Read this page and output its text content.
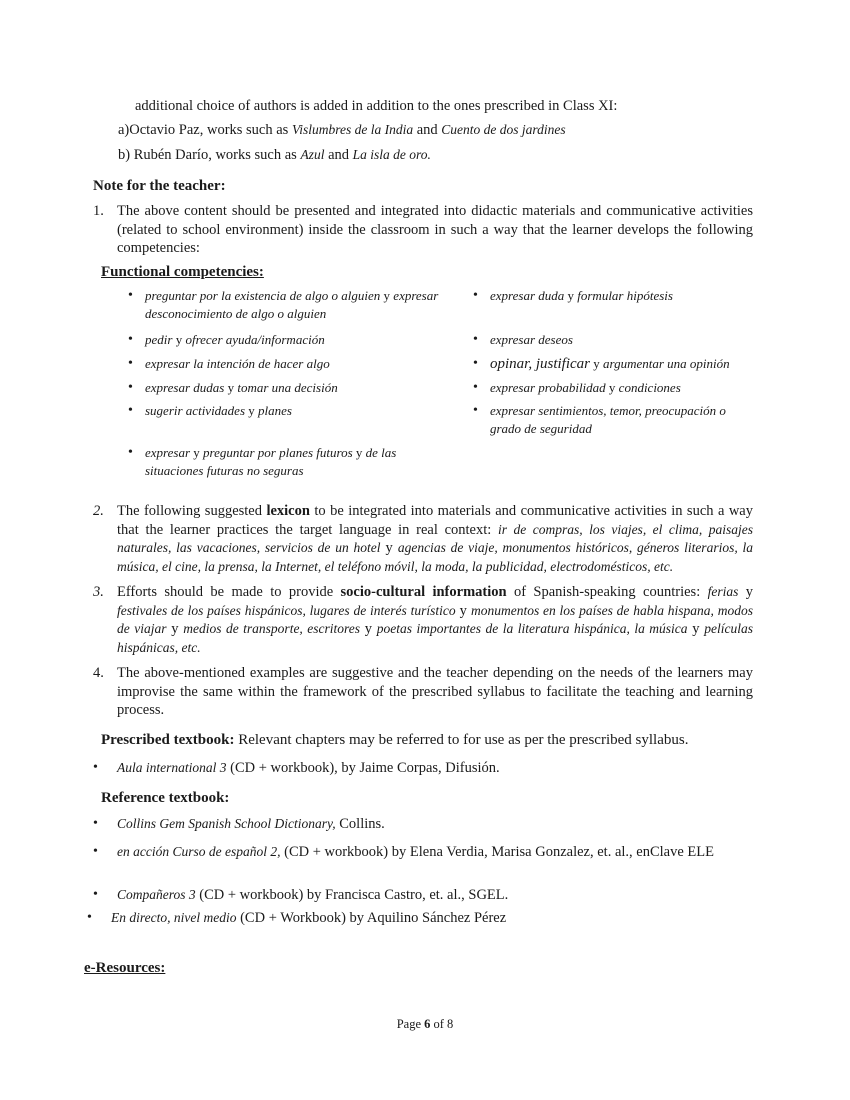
additional choice of authors is added in addition to the ones prescribed in Class XI:
a)Octavio Paz, works such as Vislumbres de la India and Cuento de dos jardines
b) Rubén Darío, works such as Azul and La isla de oro.
Note for the teacher:
1. The above content should be presented and integrated into didactic materials and communicative activities (related to school environment) inside the classroom in such a way that the learner develops the following competencies:
Functional competencies:
• preguntar por la existencia de algo o alguien y expresar desconocimiento de algo o alguien
• pedir y ofrecer ayuda/información
• expresar la intención de hacer algo
• expresar dudas y tomar una decisión
• sugerir actividades y planes
• expresar y preguntar por planes futuros y de las situaciones futuras no seguras
• expresar duda y formular hipótesis
• expresar deseos
• opinar, justificar y argumentar una opinión
• expresar probabilidad y condiciones
• expresar sentimientos, temor, preocupación o grado de seguridad
2. The following suggested lexicon to be integrated into materials and communicative activities in such a way that the learner practices the target language in real context: ir de compras, los viajes, el clima, paisajes naturales, las vacaciones, servicios de un hotel y agencias de viaje, monumentos históricos, géneros literarios, la música, el cine, la prensa, la Internet, el teléfono móvil, la moda, la publicidad, electrodomésticos, etc.
3. Efforts should be made to provide socio-cultural information of Spanish-speaking countries: ferias y festivales de los países hispánicos, lugares de interés turístico y monumentos en los países de habla hispana, modos de viajar y medios de transporte, escritores y poetas importantes de la literatura hispánica, la música y películas hispánicas, etc.
4. The above-mentioned examples are suggestive and the teacher depending on the needs of the learners may improvise the same within the framework of the prescribed syllabus to facilitate the teaching and learning process.
Prescribed textbook: Relevant chapters may be referred to for use as per the prescribed syllabus.
• Aula international 3 (CD + workbook), by Jaime Corpas, Difusión.
Reference textbook:
• Collins Gem Spanish School Dictionary, Collins.
• en acción Curso de español 2, (CD + workbook) by Elena Verdia, Marisa Gonzalez, et. al., enClave ELE
• Compañeros 3 (CD + workbook) by Francisca Castro, et. al., SGEL.
• En directo, nivel medio (CD + Workbook) by Aquilino Sánchez Pérez
e-Resources:
Page 6 of 8
